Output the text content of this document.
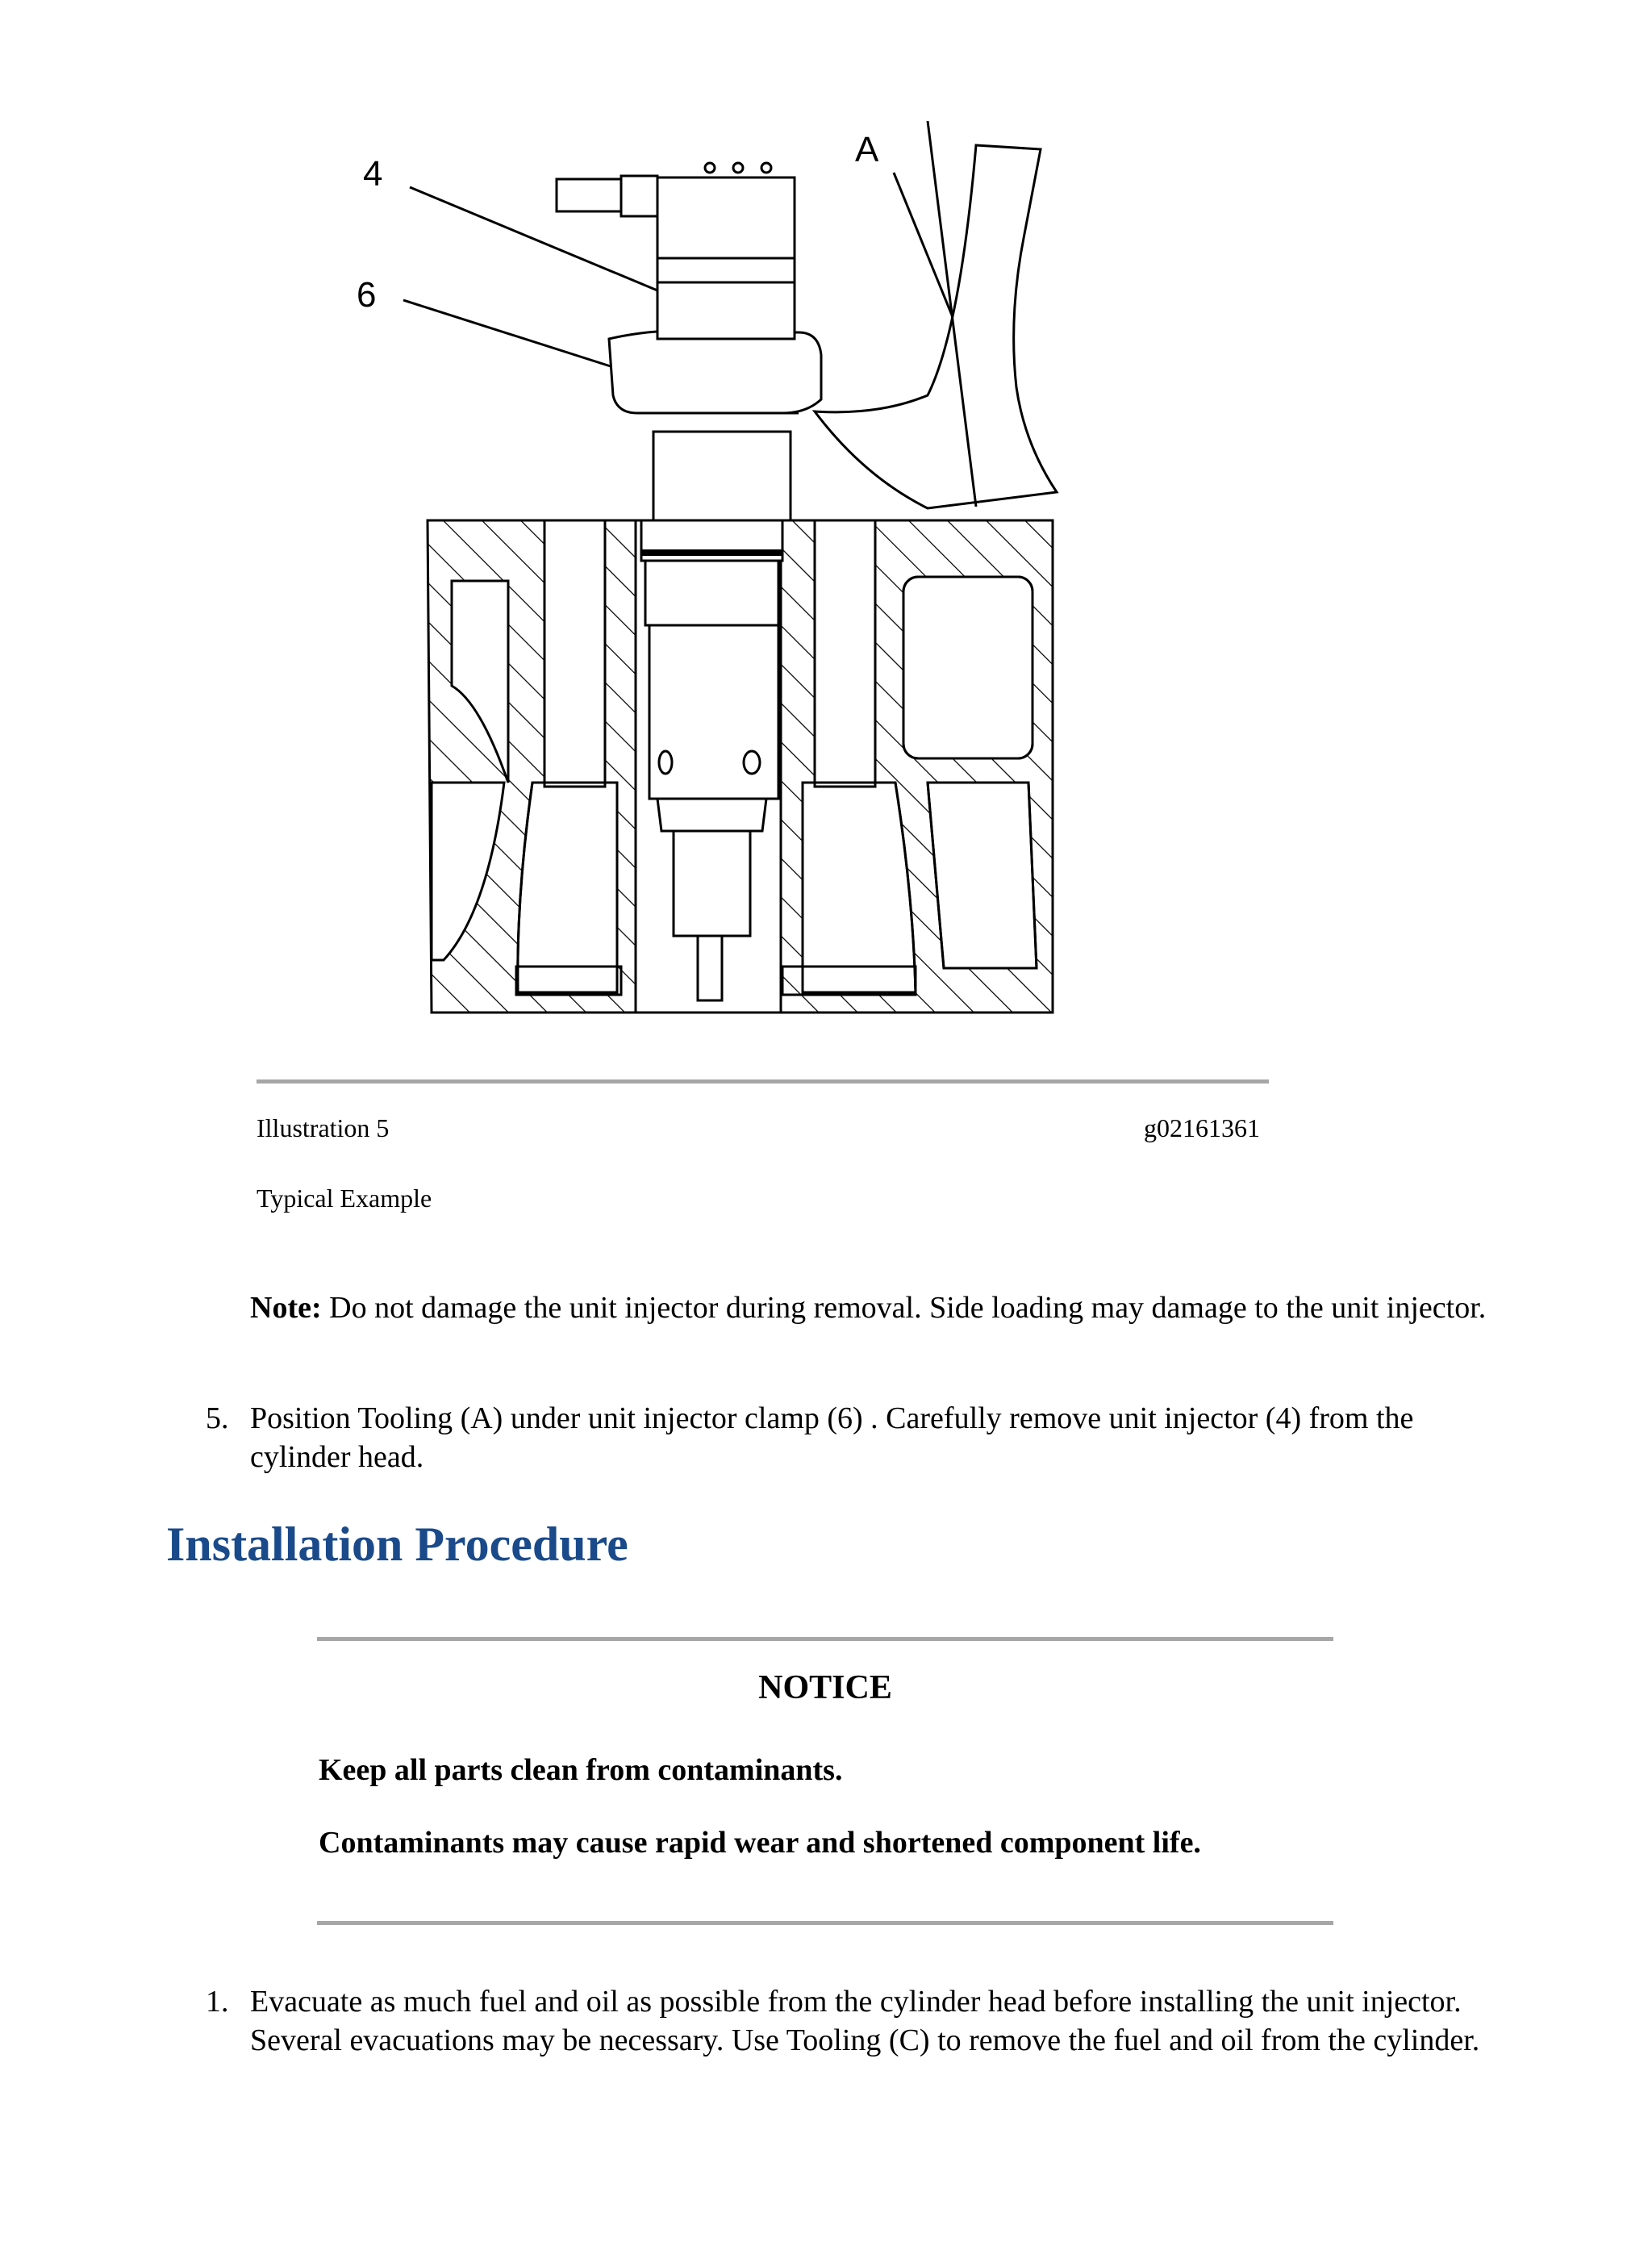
4
6
A
Illustration 5	g02161361
Typical Example
Note: Do not damage the unit injector during removal. Side loading may damage to the unit injector.
5. Position Tooling (A) under unit injector clamp (6) . Carefully remove unit injector (4) from the cylinder head.
Installation Procedure
NOTICE
Keep all parts clean from contaminants.
Contaminants may cause rapid wear and shortened component life.
1. Evacuate as much fuel and oil as possible from the cylinder head before installing the unit injector. Several evacuations may be necessary. Use Tooling (C) to remove the fuel and oil from the cylinder.
